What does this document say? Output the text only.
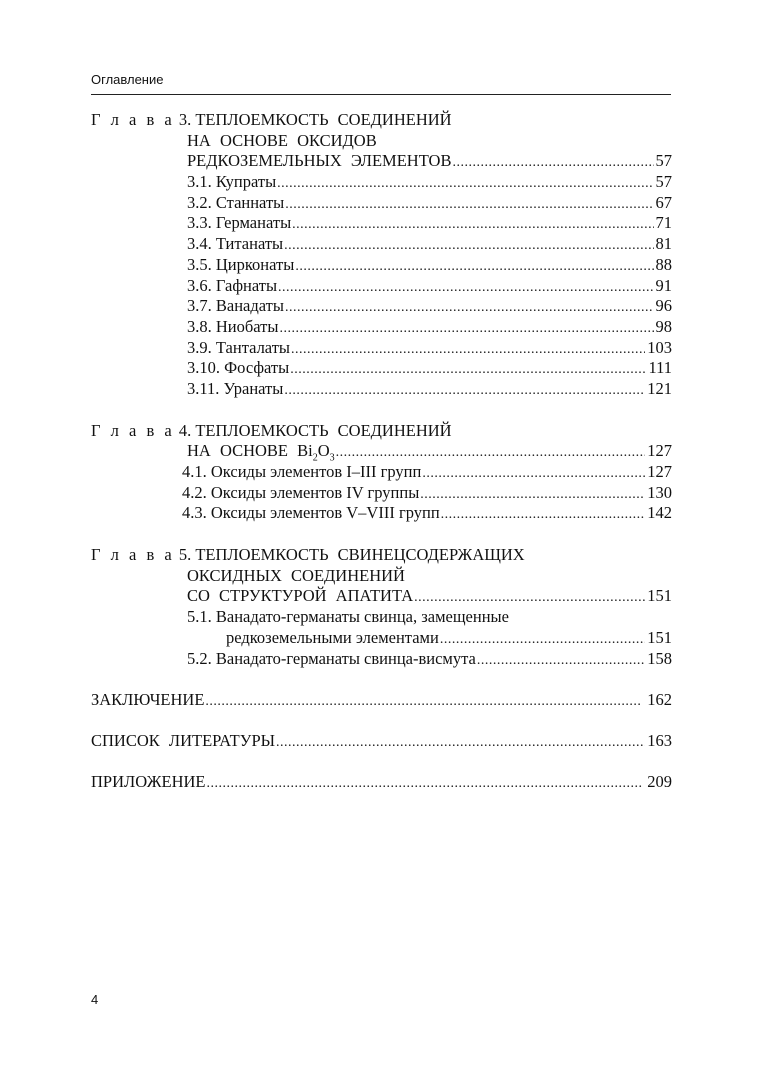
Оглавление
Г л а в а 3. ТЕПЛОЕМКОСТЬ СОЕДИНЕНИЙ
НА ОСНОВЕ ОКСИДОВ
РЕДКОЗЕМЕЛЬНЫХ ЭЛЕМЕНТОВ . . .	57
3.1. Купраты . . .	57
3.2. Станнаты . . .	67
3.3. Германаты . . .	71
3.4. Титанаты . . .	81
3.5. Цирконаты . . .	88
3.6. Гафнаты . . .	91
3.7. Ванадаты . . .	96
3.8. Ниобаты . . .	98
3.9. Танталаты . . .	103
3.10. Фосфаты . . .	111
3.11. Уранаты . . .	121
Г л а в а 4. ТЕПЛОЕМКОСТЬ СОЕДИНЕНИЙ
НА ОСНОВЕ $Bi_2O_3$ . . .	127
4.1. Оксиды элементов I–III групп . . .	127
4.2. Оксиды элементов IV группы . . .	130
4.3. Оксиды элементов V–VIII групп . . .	142
Г л а в а 5. ТЕПЛОЕМКОСТЬ СВИНЕЦСОДЕРЖАЩИХ
ОКСИДНЫХ СОЕДИНЕНИЙ
СО СТРУКТУРОЙ АПАТИТА . . .	151
5.1. Ванадато-германаты свинца, замещенные
редкоземельными элементами . . .	151
5.2. Ванадато-германаты свинца-висмута . . .	158
ЗАКЛЮЧЕНИЕ . . .	162
СПИСОК ЛИТЕРАТУРЫ . . .	163
ПРИЛОЖЕНИЕ . . .	209
4
